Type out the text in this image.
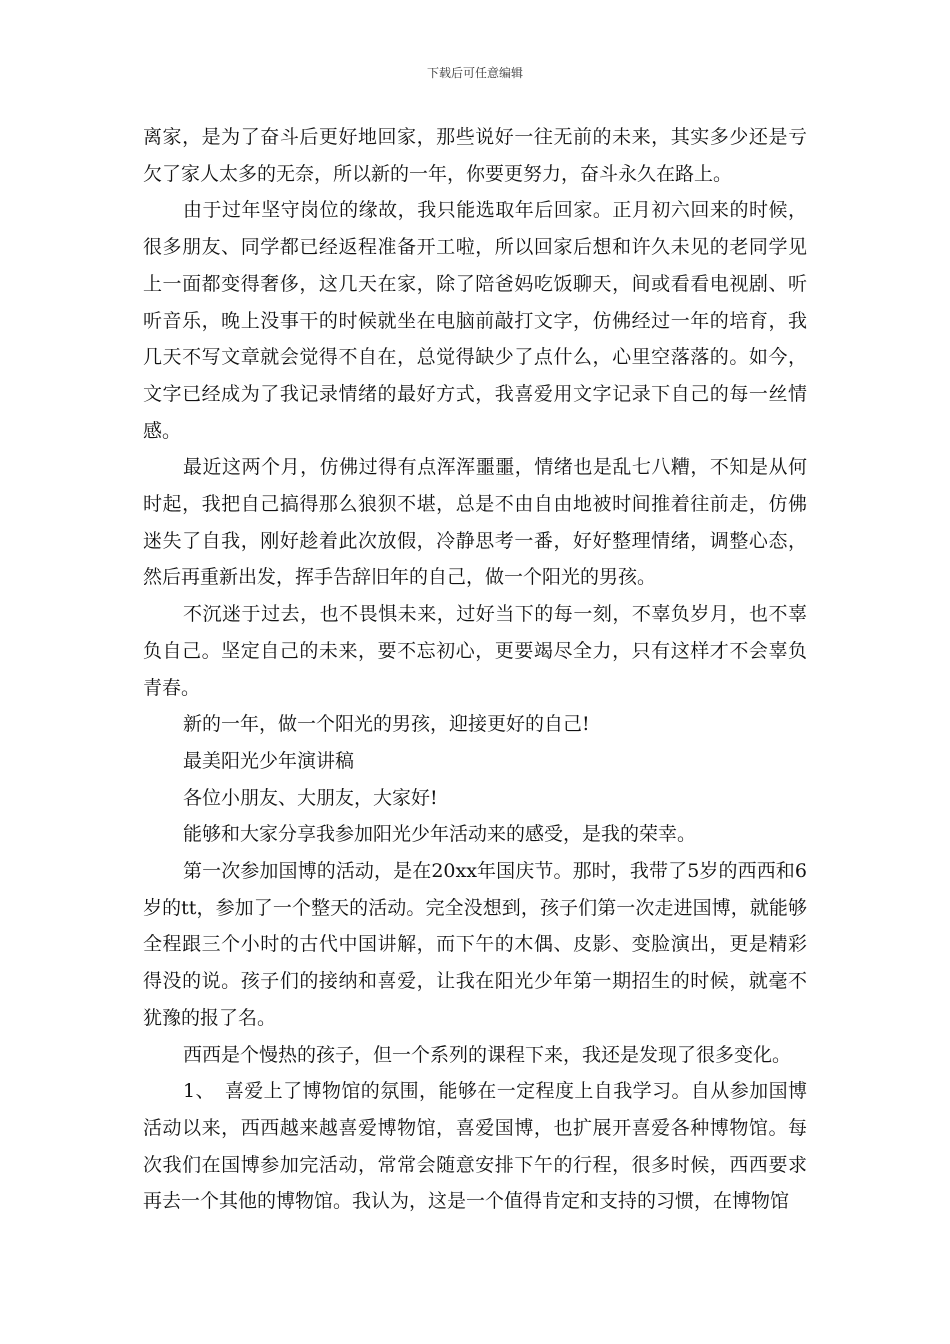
下载后可任意编辑

离家，是为了奋斗后更好地回家，那些说好一往无前的未来，其实多少还是亏欠了家人太多的无奈，所以新的一年，你要更努力，奋斗永久在路上。

由于过年坚守岗位的缘故，我只能选取年后回家。正月初六回来的时候，很多朋友、同学都已经返程准备开工啦，所以回家后想和许久未见的老同学见上一面都变得奢侈，这几天在家，除了陪爸妈吃饭聊天，间或看看电视剧、听听音乐，晚上没事干的时候就坐在电脑前敲打文字，仿佛经过一年的培育，我几天不写文章就会觉得不自在，总觉得缺少了点什么，心里空落落的。如今，文字已经成为了我记录情绪的最好方式，我喜爱用文字记录下自己的每一丝情感。

最近这两个月，仿佛过得有点浑浑噩噩，情绪也是乱七八糟，不知是从何时起，我把自己搞得那么狼狈不堪，总是不由自由地被时间推着往前走，仿佛迷失了自我，刚好趁着此次放假，冷静思考一番，好好整理情绪，调整心态，然后再重新出发，挥手告辞旧年的自己，做一个阳光的男孩。

不沉迷于过去，也不畏惧未来，过好当下的每一刻，不辜负岁月，也不辜负自己。坚定自己的未来，要不忘初心，更要竭尽全力，只有这样才不会辜负青春。

新的一年，做一个阳光的男孩，迎接更好的自己!

最美阳光少年演讲稿

各位小朋友、大朋友，大家好!

能够和大家分享我参加阳光少年活动来的感受，是我的荣幸。

第一次参加国博的活动，是在20xx年国庆节。那时，我带了5岁的西西和6岁的tt，参加了一个整天的活动。完全没想到，孩子们第一次走进国博，就能够全程跟三个小时的古代中国讲解，而下午的木偶、皮影、变脸演出，更是精彩得没的说。孩子们的接纳和喜爱，让我在阳光少年第一期招生的时候，就毫不犹豫的报了名。

西西是个慢热的孩子，但一个系列的课程下来，我还是发现了很多变化。

1、　喜爱上了博物馆的氛围，能够在一定程度上自我学习。自从参加国博活动以来，西西越来越喜爱博物馆，喜爱国博，也扩展开喜爱各种博物馆。每次我们在国博参加完活动，常常会随意安排下午的行程，很多时候，西西要求再去一个其他的博物馆。我认为，这是一个值得肯定和支持的习惯，在博物馆
